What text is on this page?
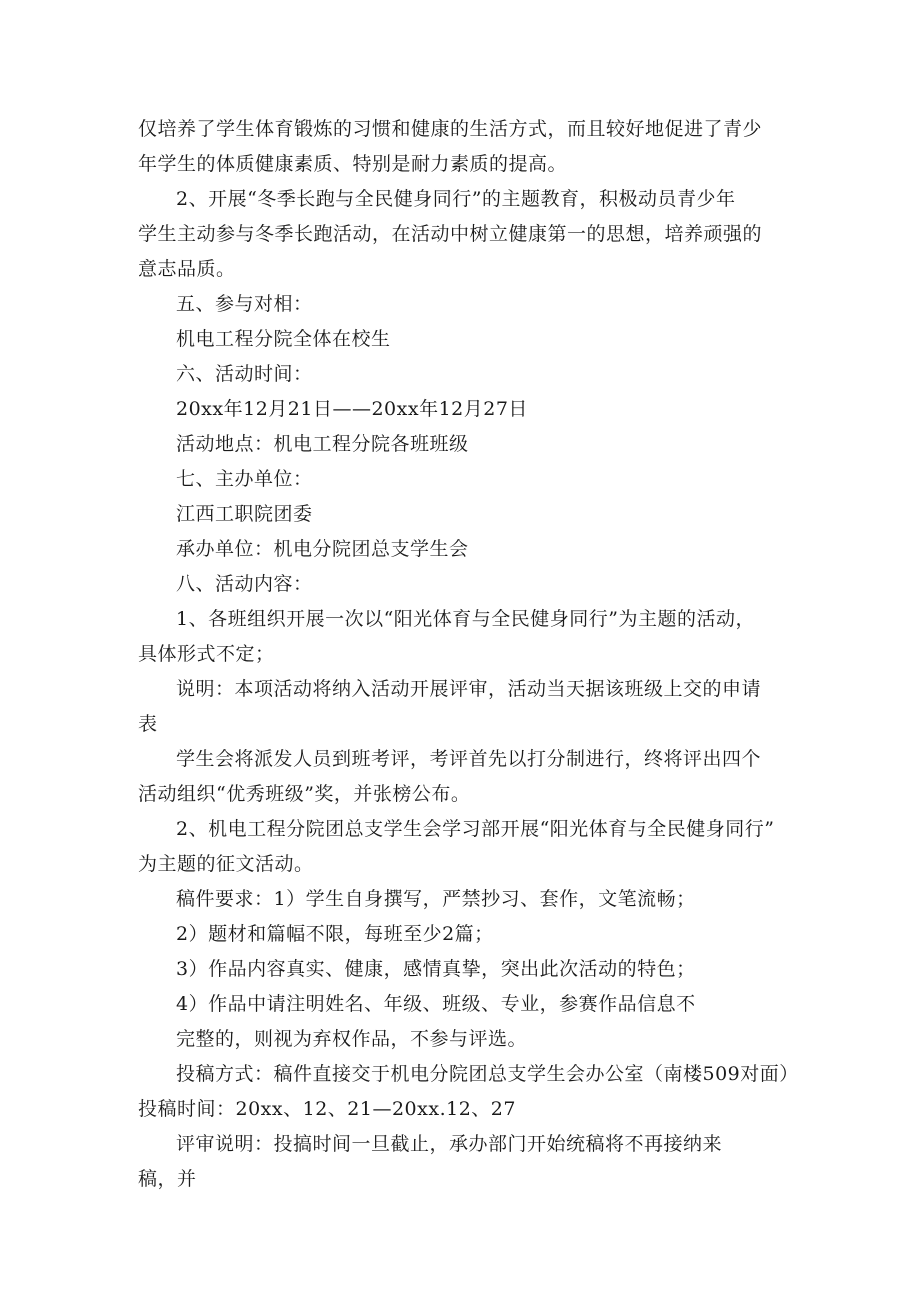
仅培养了学生体育锻炼的习惯和健康的生活方式，而且较好地促进了青少
年学生的体质健康素质、特别是耐力素质的提高。
2、开展“冬季长跑与全民健身同行”的主题教育，积极动员青少年
学生主动参与冬季长跑活动，在活动中树立健康第一的思想，培养顽强的
意志品质。
五、参与对相：
机电工程分院全体在校生
六、活动时间：
20xx年12月21日——20xx年12月27日
活动地点：机电工程分院各班班级
七、主办单位：
江西工职院团委
承办单位：机电分院团总支学生会
八、活动内容：
1、各班组织开展一次以“阳光体育与全民健身同行”为主题的活动，
具体形式不定；
说明：本项活动将纳入活动开展评审，活动当天据该班级上交的申请
表
学生会将派发人员到班考评，考评首先以打分制进行，终将评出四个
活动组织“优秀班级”奖，并张榜公布。
2、机电工程分院团总支学生会学习部开展“阳光体育与全民健身同行”
为主题的征文活动。
稿件要求：1）学生自身撰写，严禁抄习、套作，文笔流畅；
2）题材和篇幅不限，每班至少2篇；
3）作品内容真实、健康，感情真挚，突出此次活动的特色；
4）作品中请注明姓名、年级、班级、专业，参赛作品信息不
完整的，则视为弃权作品，不参与评选。
投稿方式：稿件直接交于机电分院团总支学生会办公室（南楼509对面）
投稿时间：20xx、12、21—20xx.12、27
评审说明：投搞时间一旦截止，承办部门开始统稿将不再接纳来
稿，并
